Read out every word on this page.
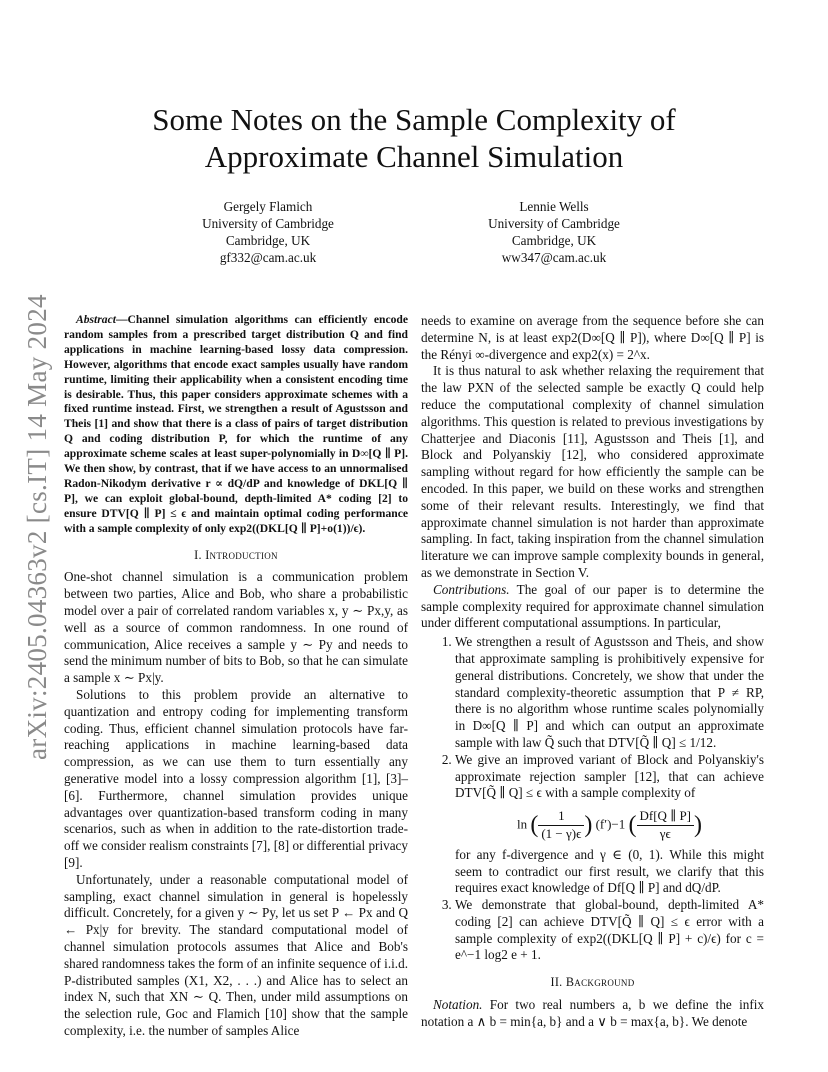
arXiv:2405.04363v2 [cs.IT] 14 May 2024
Some Notes on the Sample Complexity of Approximate Channel Simulation
Gergely Flamich
University of Cambridge
Cambridge, UK
gf332@cam.ac.uk
Lennie Wells
University of Cambridge
Cambridge, UK
ww347@cam.ac.uk

Abstract—Channel simulation algorithms can efficiently encode random samples from a prescribed target distribution Q and find applications in machine learning-based lossy data compression. However, algorithms that encode exact samples usually have random runtime, limiting their applicability when a consistent encoding time is desirable. Thus, this paper considers approximate schemes with a fixed runtime instead. First, we strengthen a result of Agustsson and Theis [1] and show that there is a class of pairs of target distribution Q and coding distribution P, for which the runtime of any approximate scheme scales at least super-polynomially in D∞[Q ∥ P]. We then show, by contrast, that if we have access to an unnormalised Radon-Nikodym derivative r ∝ dQ/dP and knowledge of DKL[Q ∥ P], we can exploit global-bound, depth-limited A* coding [2] to ensure DTV[Q ∥ P] ≤ ϵ and maintain optimal coding performance with a sample complexity of only exp2((DKL[Q ∥ P]+o(1))/ϵ).

I. Introduction

One-shot channel simulation is a communication problem between two parties, Alice and Bob, who share a probabilistic model over a pair of correlated random variables x, y ∼ Px,y, as well as a source of common randomness. In one round of communication, Alice receives a sample y ∼ Py and needs to send the minimum number of bits to Bob, so that he can simulate a sample x ∼ Px|y.

Solutions to this problem provide an alternative to quantization and entropy coding for implementing transform coding. Thus, efficient channel simulation protocols have far-reaching applications in machine learning-based data compression, as we can use them to turn essentially any generative model into a lossy compression algorithm [1], [3]–[6]. Furthermore, channel simulation provides unique advantages over quantization-based transform coding in many scenarios, such as when in addition to the rate-distortion trade-off we consider realism constraints [7], [8] or differential privacy [9].

Unfortunately, under a reasonable computational model of sampling, exact channel simulation in general is hopelessly difficult. Concretely, for a given y ∼ Py, let us set P ← Px and Q ← Px|y for brevity. The standard computational model of channel simulation protocols assumes that Alice and Bob's shared randomness takes the form of an infinite sequence of i.i.d. P-distributed samples (X1, X2, . . .) and Alice has to select an index N, such that XN ∼ Q. Then, under mild assumptions on the selection rule, Goc and Flamich [10] show that the sample complexity, i.e. the number of samples Alice

needs to examine on average from the sequence before she can determine N, is at least exp2(D∞[Q ∥ P]), where D∞[Q ∥ P] is the Rényi ∞-divergence and exp2(x) = 2^x.

It is thus natural to ask whether relaxing the requirement that the law PXN of the selected sample be exactly Q could help reduce the computational complexity of channel simulation algorithms. This question is related to previous investigations by Chatterjee and Diaconis [11], Agustsson and Theis [1], and Block and Polyanskiy [12], who considered approximate sampling without regard for how efficiently the sample can be encoded. In this paper, we build on these works and strengthen some of their relevant results. Interestingly, we find that approximate channel simulation is not harder than approximate sampling. In fact, taking inspiration from the channel simulation literature we can improve sample complexity bounds in general, as we demonstrate in Section V.

Contributions. The goal of our paper is to determine the sample complexity required for approximate channel simulation under different computational assumptions. In particular,

1. We strengthen a result of Agustsson and Theis, and show that approximate sampling is prohibitively expensive for general distributions. Concretely, we show that under the standard complexity-theoretic assumption that P ≠ RP, there is no algorithm whose runtime scales polynomially in D∞[Q ∥ P] and which can output an approximate sample with law Q̃ such that DTV[Q̃ ∥ Q] ≤ 1/12.
2. We give an improved variant of Block and Polyanskiy's approximate rejection sampler [12], that can achieve DTV[Q̃ ∥ Q] ≤ ϵ with a sample complexity of
ln ( $\frac{1}{(1 - \gamma)\epsilon}$ ) (f′)−1 ( $\frac{Df[Q \parallel P]}{\gamma\epsilon}$ )
for any f-divergence and γ ∈ (0, 1). While this might seem to contradict our first result, we clarify that this requires exact knowledge of Df[Q ∥ P] and dQ/dP.
3. We demonstrate that global-bound, depth-limited A* coding [2] can achieve DTV[Q̃ ∥ Q] ≤ ϵ error with a sample complexity of exp2((DKL[Q ∥ P] + c)/ϵ) for c = e^−1 log2 e + 1.
II. Background

Notation. For two real numbers a, b we define the infix notation a ∧ b = min{a, b} and a ∨ b = max{a, b}. We denote
